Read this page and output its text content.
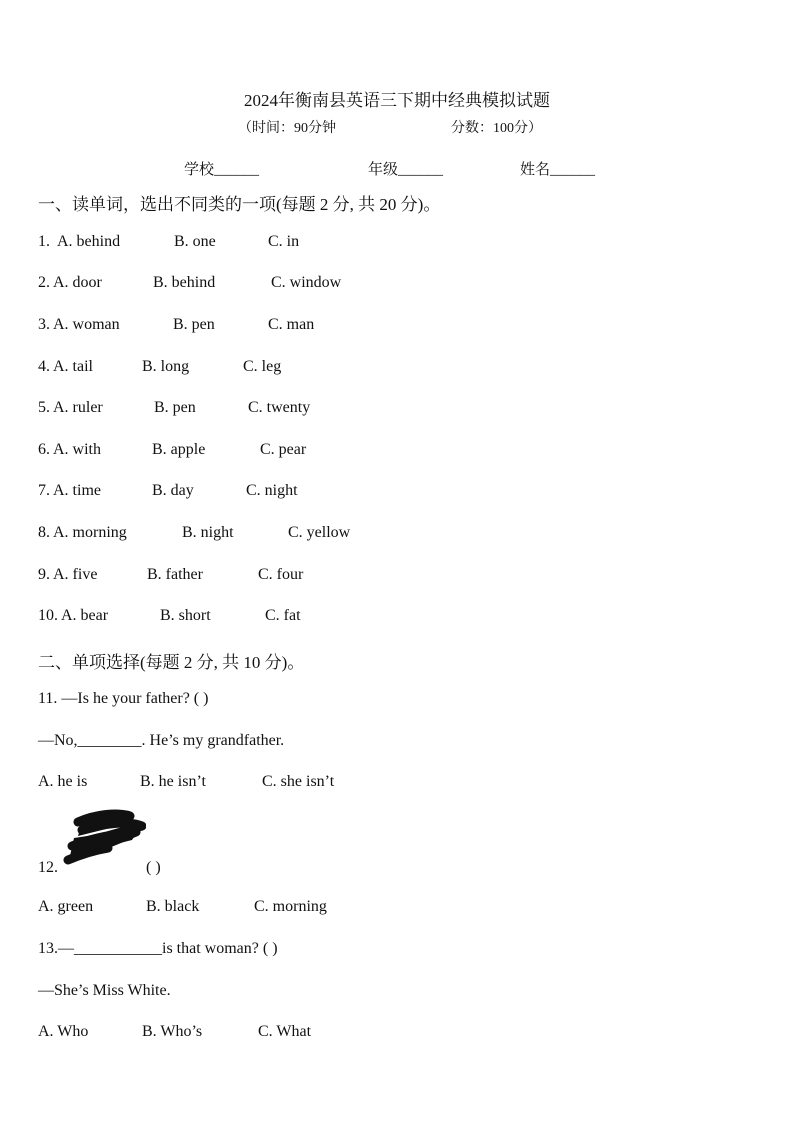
2024年衡南县英语三下期中经典模拟试题
（时间：90分钟	分数：100分）
学校______	年级______	姓名______
一、读单词，选出不同类的一项(每题 2 分, 共 20 分)。
1. A. behind	B. one	C. in
2. A. door	B. behind	C. window
3. A. woman	B. pen	C. man
4. A. tail	B. long	C. leg
5. A. ruler	B. pen	C. twenty
6. A. with	B. apple	C. pear
7. A. time	B. day	C. night
8. A. morning	B. night	C. yellow
9. A. five	B. father	C. four
10. A. bear	B. short	C. fat
二、单项选择(每题 2 分, 共 10 分)。
11. —Is he your father? ( )
—No,________. He’s my grandfather.
A. he is	B. he isn’t	C. she isn’t
12.	( )
A. green	B. black	C. morning
13.—___________is that woman? ( )
—She’s Miss White.
A. Who	B. Who’s	C. What
